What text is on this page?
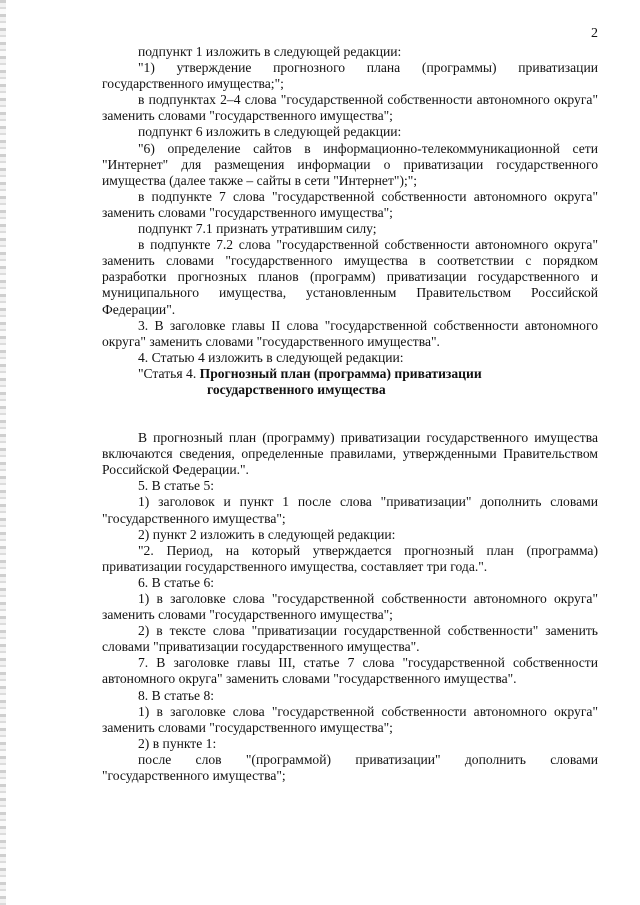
2

подпункт 1 изложить в следующей редакции:

"1) утверждение прогнозного плана (программы) приватизации государственного имущества;";

в подпунктах 2–4 слова "государственной собственности автономного округа" заменить словами "государственного имущества";

подпункт 6 изложить в следующей редакции:

"6) определение сайтов в информационно-телекоммуникационной сети "Интернет" для размещения информации о приватизации государственного имущества (далее также – сайты в сети "Интернет");";

в подпункте 7 слова "государственной собственности автономного округа" заменить словами "государственного имущества";

подпункт 7.1 признать утратившим силу;

в подпункте 7.2 слова "государственной собственности автономного округа" заменить словами "государственного имущества в соответствии с порядком разработки прогнозных планов (программ) приватизации государственного и муниципального имущества, установленным Правительством Российской Федерации".

3. В заголовке главы II слова "государственной собственности автономного округа" заменить словами "государственного имущества".

4. Статью 4 изложить в следующей редакции:

"Статья 4. Прогнозный план (программа) приватизации

государственного имущества

В прогнозный план (программу) приватизации государственного имущества включаются сведения, определенные правилами, утвержденными Правительством Российской Федерации.".

5. В статье 5:

1) заголовок и пункт 1 после слова "приватизации" дополнить словами "государственного имущества";

2) пункт 2 изложить в следующей редакции:

"2. Период, на который утверждается прогнозный план (программа) приватизации государственного имущества, составляет три года.".

6. В статье 6:

1) в заголовке слова "государственной собственности автономного округа" заменить словами "государственного имущества";

2) в тексте слова "приватизации государственной собственности" заменить словами "приватизации государственного имущества".

7. В заголовке главы III, статье 7 слова "государственной собственности автономного округа" заменить словами "государственного имущества".

8. В статье 8:

1) в заголовке слова "государственной собственности автономного округа" заменить словами "государственного имущества";

2) в пункте 1:

после слов "(программой) приватизации" дополнить словами "государственного имущества";
